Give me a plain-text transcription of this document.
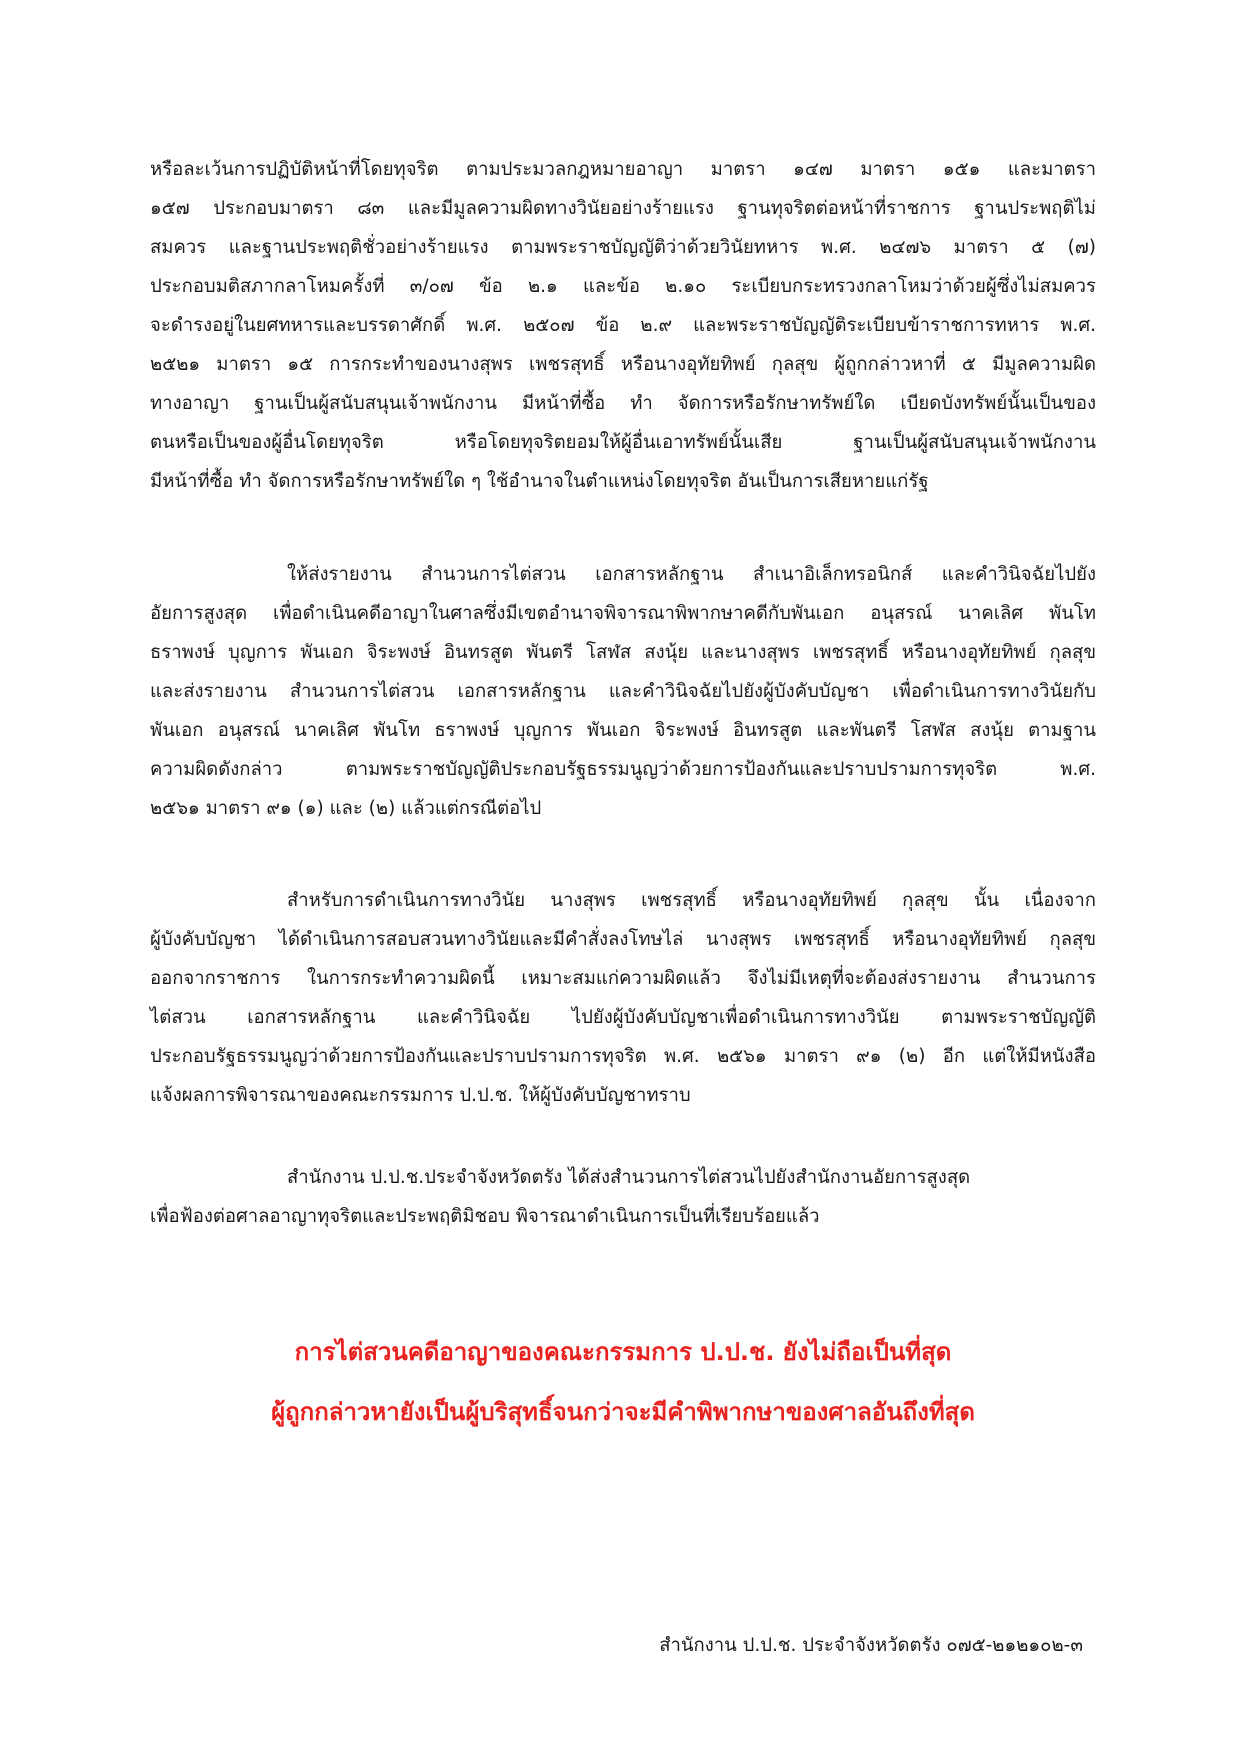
หรือละเว้นการปฏิบัติหน้าที่โดยทุจริต ตามประมวลกฎหมายอาญา มาตรา ๑๔๗ มาตรา ๑๕๑ และมาตรา
๑๕๗ ประกอบมาตรา ๘๓ และมีมูลความผิดทางวินัยอย่างร้ายแรง ฐานทุจริตต่อหน้าที่ราชการ ฐานประพฤติไม่
สมควร และฐานประพฤติชั่วอย่างร้ายแรง ตามพระราชบัญญัติว่าด้วยวินัยทหาร พ.ศ. ๒๔๗๖ มาตรา ๕ (๗)
ประกอบมติสภากลาโหมครั้งที่ ๓/๐๗ ข้อ ๒.๑ และข้อ ๒.๑๐ ระเบียบกระทรวงกลาโหมว่าด้วยผู้ซึ่งไม่สมควร
จะดำรงอยู่ในยศทหารและบรรดาศักดิ์ พ.ศ. ๒๕๐๗ ข้อ ๒.๙ และพระราชบัญญัติระเบียบข้าราชการทหาร พ.ศ.
๒๕๒๑ มาตรา ๑๕ การกระทำของนางสุพร เพชรสุทธิ์ หรือนางอุทัยทิพย์ กุลสุข ผู้ถูกกล่าวหาที่ ๕ มีมูลความผิด
ทางอาญา ฐานเป็นผู้สนับสนุนเจ้าพนักงาน มีหน้าที่ซื้อ ทำ จัดการหรือรักษาทรัพย์ใด เบียดบังทรัพย์นั้นเป็นของ
ตนหรือเป็นของผู้อื่นโดยทุจริต หรือโดยทุจริตยอมให้ผู้อื่นเอาทรัพย์นั้นเสีย ฐานเป็นผู้สนับสนุนเจ้าพนักงาน
มีหน้าที่ซื้อ ทำ จัดการหรือรักษาทรัพย์ใด ๆ ใช้อำนาจในตำแหน่งโดยทุจริต อันเป็นการเสียหายแก่รัฐ
ให้ส่งรายงาน สำนวนการไต่สวน เอกสารหลักฐาน สำเนาอิเล็กทรอนิกส์ และคำวินิจฉัยไปยัง
อัยการสูงสุด เพื่อดำเนินคดีอาญาในศาลซึ่งมีเขตอำนาจพิจารณาพิพากษาคดีกับพันเอก อนุสรณ์ นาคเลิศ พันโท
ธราพงษ์ บุญการ พันเอก จิระพงษ์ อินทรสูต พันตรี โสฬส สงนุ้ย และนางสุพร เพชรสุทธิ์ หรือนางอุทัยทิพย์ กุลสุข
และส่งรายงาน สำนวนการไต่สวน เอกสารหลักฐาน และคำวินิจฉัยไปยังผู้บังคับบัญชา เพื่อดำเนินการทางวินัยกับ
พันเอก อนุสรณ์ นาคเลิศ พันโท ธราพงษ์ บุญการ พันเอก จิระพงษ์ อินทรสูต และพันตรี โสฬส สงนุ้ย ตามฐาน
ความผิดดังกล่าว ตามพระราชบัญญัติประกอบรัฐธรรมนูญว่าด้วยการป้องกันและปราบปรามการทุจริต พ.ศ.
๒๕๖๑ มาตรา ๙๑ (๑) และ (๒) แล้วแต่กรณีต่อไป
สำหรับการดำเนินการทางวินัย นางสุพร เพชรสุทธิ์ หรือนางอุทัยทิพย์ กุลสุข นั้น เนื่องจาก
ผู้บังคับบัญชา ได้ดำเนินการสอบสวนทางวินัยและมีคำสั่งลงโทษไล่ นางสุพร เพชรสุทธิ์ หรือนางอุทัยทิพย์ กุลสุข
ออกจากราชการ ในการกระทำความผิดนี้ เหมาะสมแก่ความผิดแล้ว จึงไม่มีเหตุที่จะต้องส่งรายงาน สำนวนการ
ไต่สวน เอกสารหลักฐาน และคำวินิจฉัย ไปยังผู้บังคับบัญชาเพื่อดำเนินการทางวินัย ตามพระราชบัญญัติ
ประกอบรัฐธรรมนูญว่าด้วยการป้องกันและปราบปรามการทุจริต พ.ศ. ๒๕๖๑ มาตรา ๙๑ (๒) อีก แต่ให้มีหนังสือ
แจ้งผลการพิจารณาของคณะกรรมการ ป.ป.ช. ให้ผู้บังคับบัญชาทราบ
สำนักงาน ป.ป.ช.ประจำจังหวัดตรัง ได้ส่งสำนวนการไต่สวนไปยังสำนักงานอัยการสูงสุด
เพื่อฟ้องต่อศาลอาญาทุจริตและประพฤติมิชอบ พิจารณาดำเนินการเป็นที่เรียบร้อยแล้ว
การไต่สวนคดีอาญาของคณะกรรมการ ป.ป.ช. ยังไม่ถือเป็นที่สุด
ผู้ถูกกล่าวหายังเป็นผู้บริสุทธิ์จนกว่าจะมีคำพิพากษาของศาลอันถึงที่สุด
สำนักงาน ป.ป.ช. ประจำจังหวัดตรัง ๐๗๕-๒๑๒๑๐๒-๓
